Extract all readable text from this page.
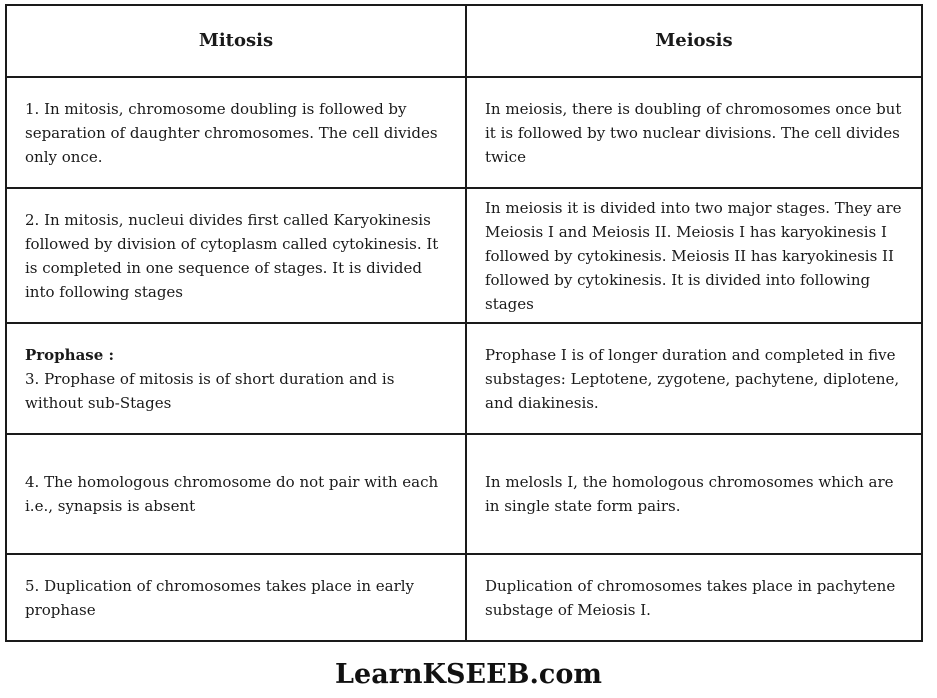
Mitosis	Meiosis

1. In mitosis, chromosome doubling is followed by separation of daughter chromosomes. The cell divides only once.	In meiosis, there is doubling of chromosomes once but it is followed by two nuclear divisions. The cell divides twice

2. In mitosis, nucleui divides first called Karyokinesis followed by division of cytoplasm called cytokinesis. It is completed in one sequence of stages. It is divided into following stages	In meiosis it is divided into two major stages. They are Meiosis I and Meiosis II. Meiosis I has karyokinesis I followed by cytokinesis. Meiosis II has karyokinesis II followed by cytokinesis. It is divided into following stages

Prophase :
3. Prophase of mitosis is of short duration and is without sub-Stages	Prophase I is of longer duration and completed in five substages: Leptotene, zygotene, pachytene, diplotene, and diakinesis.

4. The homologous chromosome do not pair with each i.e., synapsis is absent	In melosls I, the homologous chromosomes which are in single state form pairs.

5. Duplication of chromosomes takes place in early prophase	Duplication of chromosomes takes place in pachytene substage of Meiosis I.
LearnKSEEB.com
